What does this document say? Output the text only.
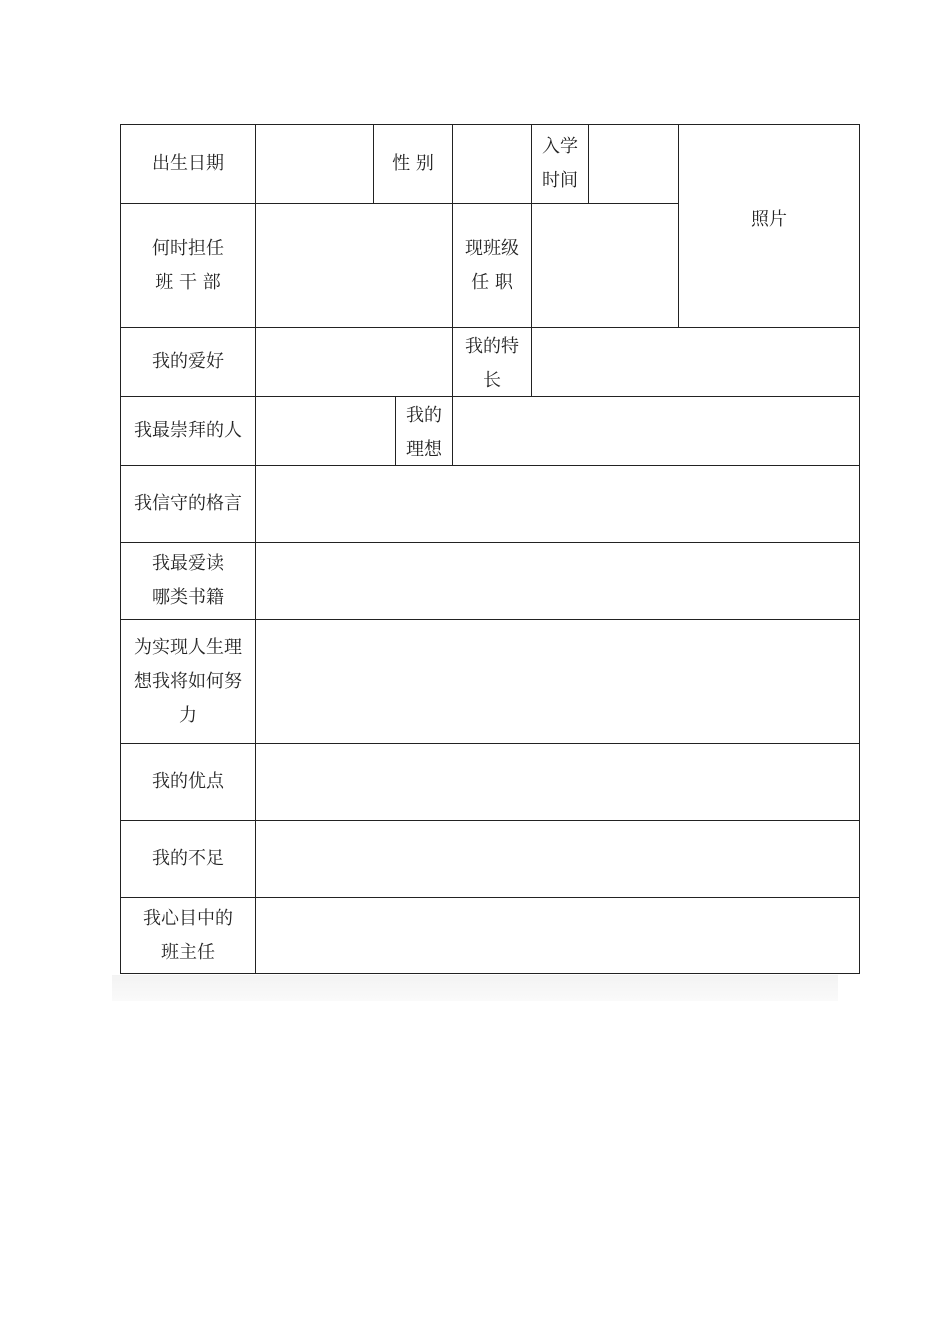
出生日期	性 别
入学
时间
照片
何时担任
班 干 部
现班级
任 职
我的爱好
我的特
长
我最崇拜的人
我的
理想
我信守的格言
我最爱读
哪类书籍
为实现人生理
想我将如何努
力
我的优点
我的不足
我心目中的
班主任
